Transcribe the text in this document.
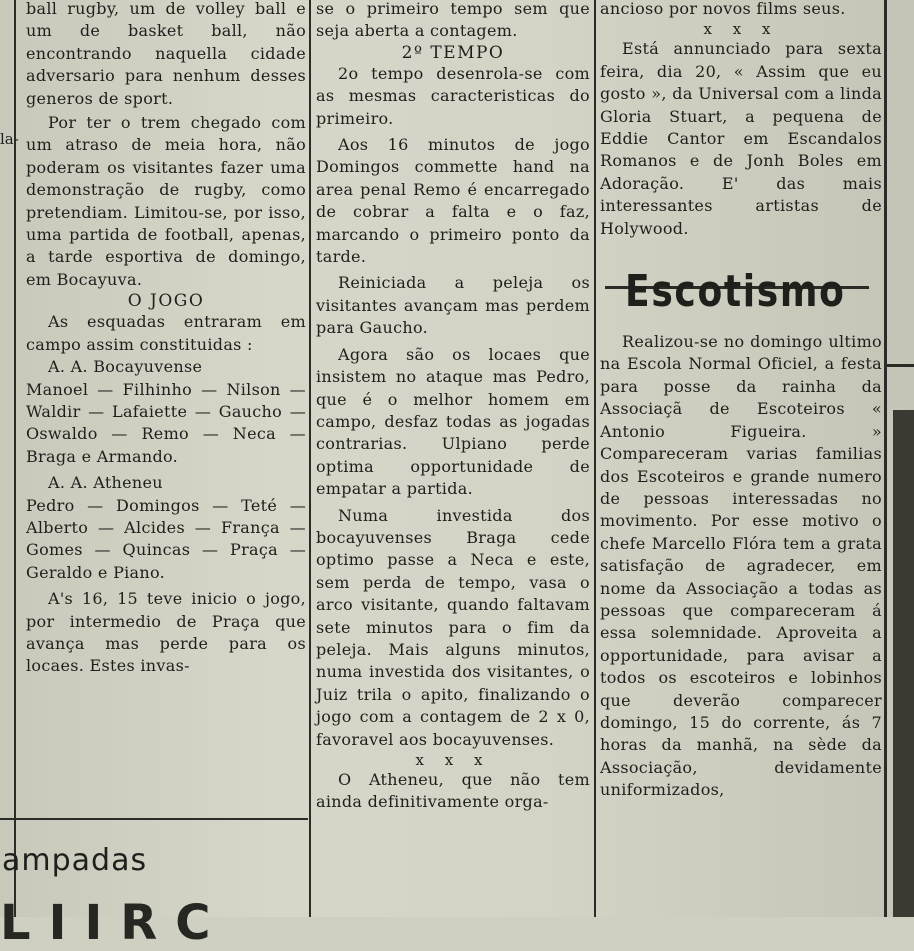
la-

ball rugby, um de volley ball e um de basket ball, não encontrando naquella cidade adversario para nenhum desses generos de sport.

Por ter o trem chegado com um atraso de meia hora, não poderam os visitantes fazer uma demonstração de rugby, como pretendiam. Limitou-se, por isso, uma partida de football, apenas, a tarde esportiva de domingo, em Bocayuva.

O JOGO

As esquadas entraram em campo assim constituidas :

A. A. Bocayuvense

Manoel — Filhinho — Nilson — Waldir — Lafaiette — Gaucho — Oswaldo — Remo — Neca — Braga e Armando.

A. A. Atheneu

Pedro — Domingos — Teté — Alberto — Alcides — França — Gomes — Quincas — Praça — Geraldo e Piano.

A's 16, 15 teve inicio o jogo, por intermedio de Praça que avança mas perde para os locaes. Estes invas-

se o primeiro tempo sem que seja aberta a contagem.

2º TEMPO

2o tempo desenrola-se com as mesmas caracteristicas do primeiro.

Aos 16 minutos de jogo Domingos commette hand na area penal Remo é encarregado de cobrar a falta e o faz, marcando o primeiro ponto da tarde.

Reiniciada a peleja os visitantes avançam mas perdem para Gaucho.

Agora são os locaes que insistem no ataque mas Pedro, que é o melhor homem em campo, desfaz todas as jogadas contrarias. Ulpiano perde optima opportunidade de empatar a partida.

Numa investida dos bocayuvenses Braga cede optimo passe a Neca e este, sem perda de tempo, vasa o arco visitante, quando faltavam sete minutos para o fim da peleja. Mais alguns minutos, numa investida dos visitantes, o Juiz trila o apito, finalizando o jogo com a contagem de 2 x 0, favoravel aos bocayuvenses.

x x x

O Atheneu, que não tem ainda definitivamente orga-

ancioso por novos films seus.

x x x

Está annunciado para sexta feira, dia 20, « Assim que eu gosto », da Universal com a linda Gloria Stuart, a pequena de Eddie Cantor em Escandalos Romanos e de Jonh Boles em Adoração. E' das mais interessantes artistas de Holywood.

Escotismo

Realizou-se no domingo ultimo na Escola Normal Oficiel, a festa para posse da rainha da Associaçã de Escoteiros « Antonio Figueira. » Compareceram varias familias dos Escoteiros e grande numero de pessoas interessadas no movimento. Por esse motivo o chefe Marcello Flóra tem a grata satisfação de agradecer, em nome da Associação a todas as pessoas que compareceram á essa solemnidade. Aproveita a opportunidade, para avisar a todos os escoteiros e lobinhos que deverão comparecer domingo, 15 do corrente, ás 7 horas da manhã, na sède da Associação, devidamente uniformizados,

ampadas
LIIRC
